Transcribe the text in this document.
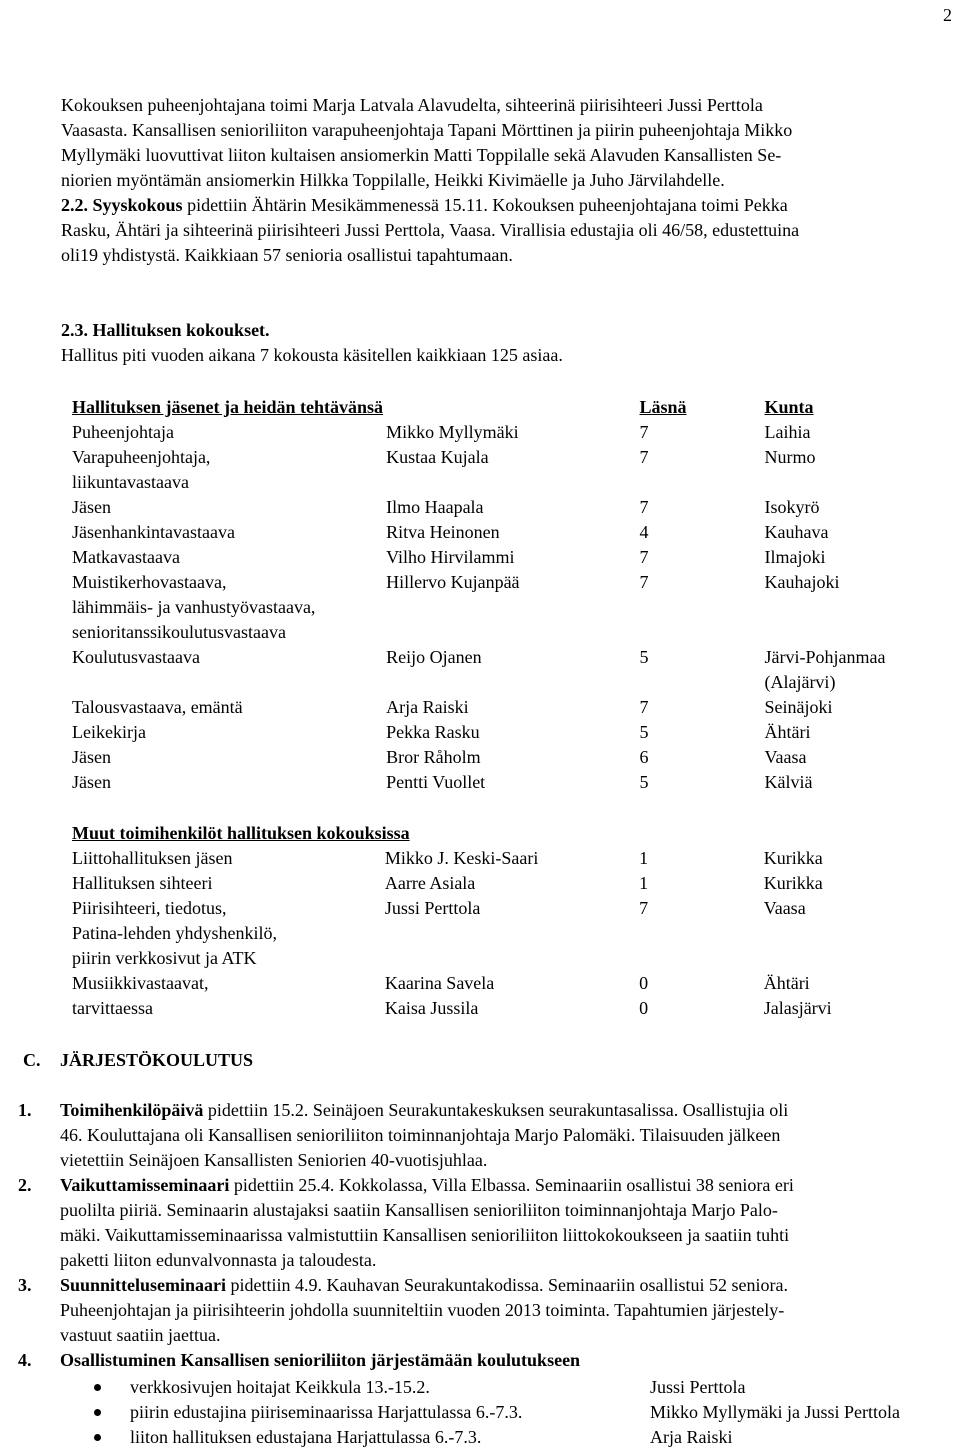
2
Kokouksen puheenjohtajana toimi Marja Latvala Alavudelta, sihteerinä piirisihteeri Jussi Perttola
Vaasasta. Kansallisen senioriliiton varapuheenjohtaja Tapani Mörttinen ja piirin puheenjohtaja Mikko
Myllymäki luovuttivat liiton kultaisen ansiomerkin Matti Toppilalle sekä Alavuden Kansallisten Se-
niorien myöntämän ansiomerkin Hilkka Toppilalle, Heikki Kivimäelle ja Juho Järvilahdelle.
2.2. Syyskokous pidettiin Ähtärin Mesikämmenessä 15.11. Kokouksen puheenjohtajana toimi Pekka
Rasku, Ähtäri ja sihteerinä piirisihteeri Jussi Perttola, Vaasa. Virallisia edustajia oli 46/58, edustettuina
oli19 yhdistystä. Kaikkiaan 57 senioria osallistui tapahtumaan.
2.3. Hallituksen kokoukset.
Hallitus piti vuoden aikana 7 kokousta käsitellen kaikkiaan 125 asiaa.
Hallituksen jäsenet ja heidän tehtävänsä		Läsnä	Kunta

Puheenjohtaja	Mikko Myllymäki	7	Laihia

Varapuheenjohtaja,
liikuntavastaava	Kustaa Kujala	7	Nurmo

Jäsen	Ilmo Haapala	7	Isokyrö

Jäsenhankintavastaava	Ritva Heinonen	4	Kauhava

Matkavastaava	Vilho Hirvilammi	7	Ilmajoki

Muistikerhovastaava,
lähimmäis- ja vanhustyövastaava,
senioritanssikoulutusvastaava	Hillervo Kujanpää	7	Kauhajoki

Koulutusvastaava	Reijo Ojanen	5	Järvi-Pohjanmaa
(Alajärvi)

Talousvastaava, emäntä	Arja Raiski	7	Seinäjoki

Leikekirja	Pekka Rasku	5	Ähtäri

Jäsen	Bror Råholm	6	Vaasa

Jäsen	Pentti Vuollet	5	Kälviä
Muut toimihenkilöt hallituksen kokouksissa			

Liittohallituksen jäsen	Mikko J. Keski-Saari	1	Kurikka

Hallituksen sihteeri	Aarre Asiala	1	Kurikka

Piirisihteeri, tiedotus,
Patina-lehden yhdyshenkilö,
piirin verkkosivut ja ATK	Jussi Perttola	7	Vaasa

Musiikkivastaavat,	Kaarina Savela	0	Ähtäri

tarvittaessa	Kaisa Jussila	0	Jalasjärvi
C. JÄRJESTÖKOULUTUS
1.	Toimihenkilöpäivä pidettiin 15.2. Seinäjoen Seurakuntakeskuksen seurakuntasalissa. Osallistujia oli
46. Kouluttajana oli Kansallisen senioriliiton toiminnanjohtaja Marjo Palomäki. Tilaisuuden jälkeen
vietettiin Seinäjoen Kansallisten Seniorien 40-vuotisjuhlaa.
2.	Vaikuttamisseminaari pidettiin 25.4. Kokkolassa, Villa Elbassa. Seminaariin osallistui 38 seniora eri
puolilta piiriä. Seminaarin alustajaksi saatiin Kansallisen senioriliiton toiminnanjohtaja Marjo Palo-
mäki. Vaikuttamisseminaarissa valmistuttiin Kansallisen senioriliiton liittokokoukseen ja saatiin tuhti
paketti liiton edunvalvonnasta ja taloudesta.
3.	Suunnitteluseminaari pidettiin 4.9. Kauhavan Seurakuntakodissa. Seminaariin osallistui 52 seniora.
Puheenjohtajan ja piirisihteerin johdolla suunniteltiin vuoden 2013 toiminta. Tapahtumien järjestely-
vastuut saatiin jaettua.
4.	Osallistuminen Kansallisen senioriliiton järjestämään koulutukseen
verkkosivujen hoitajat Keikkula 13.-15.2.	Jussi Perttola
piirin edustajina piiriseminaarissa Harjattulassa 6.-7.3.	Mikko Myllymäki ja Jussi Perttola
liiton hallituksen edustajana Harjattulassa 6.-7.3.	Arja Raiski
